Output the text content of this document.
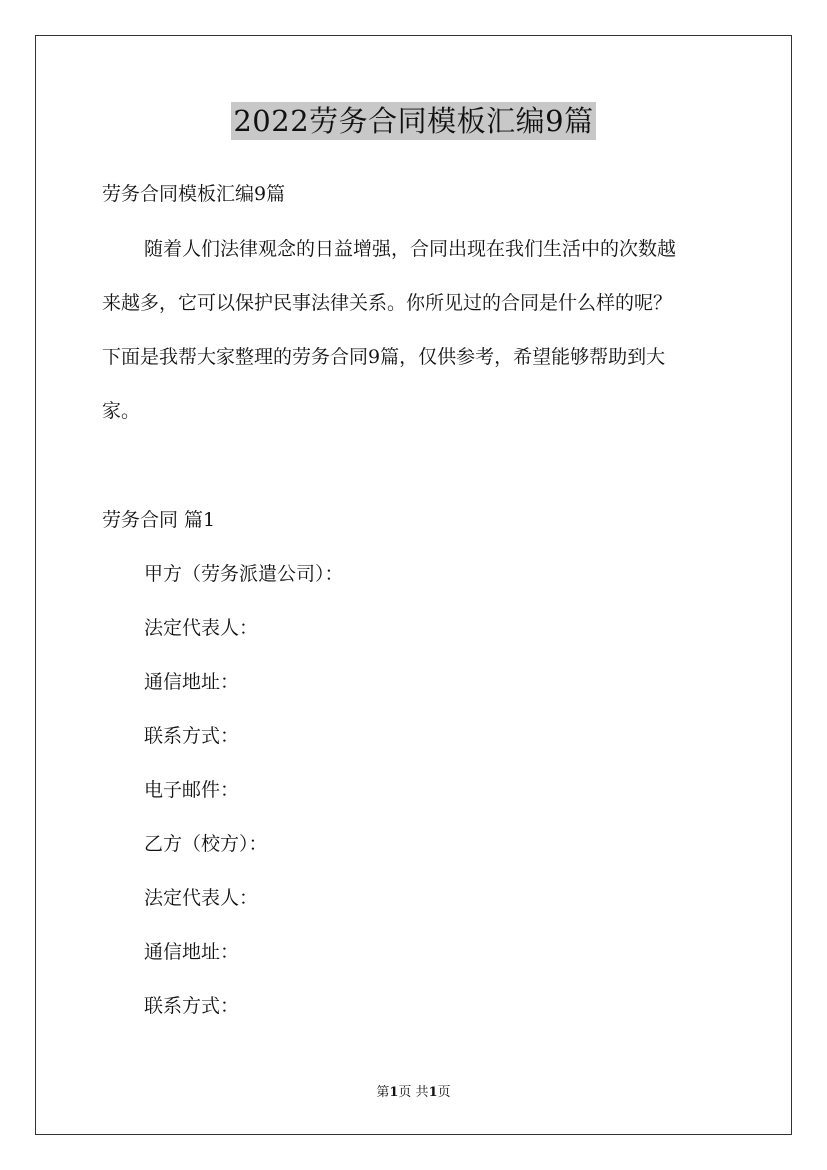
2022劳务合同模板汇编9篇
劳务合同模板汇编9篇
随着人们法律观念的日益增强，合同出现在我们生活中的次数越
来越多，它可以保护民事法律关系。你所见过的合同是什么样的呢？
下面是我帮大家整理的劳务合同9篇，仅供参考，希望能够帮助到大
家。
劳务合同 篇1
甲方（劳务派遣公司）：
法定代表人：
通信地址：
联系方式：
电子邮件：
乙方（校方）：
法定代表人：
通信地址：
联系方式：
第1页 共1页
